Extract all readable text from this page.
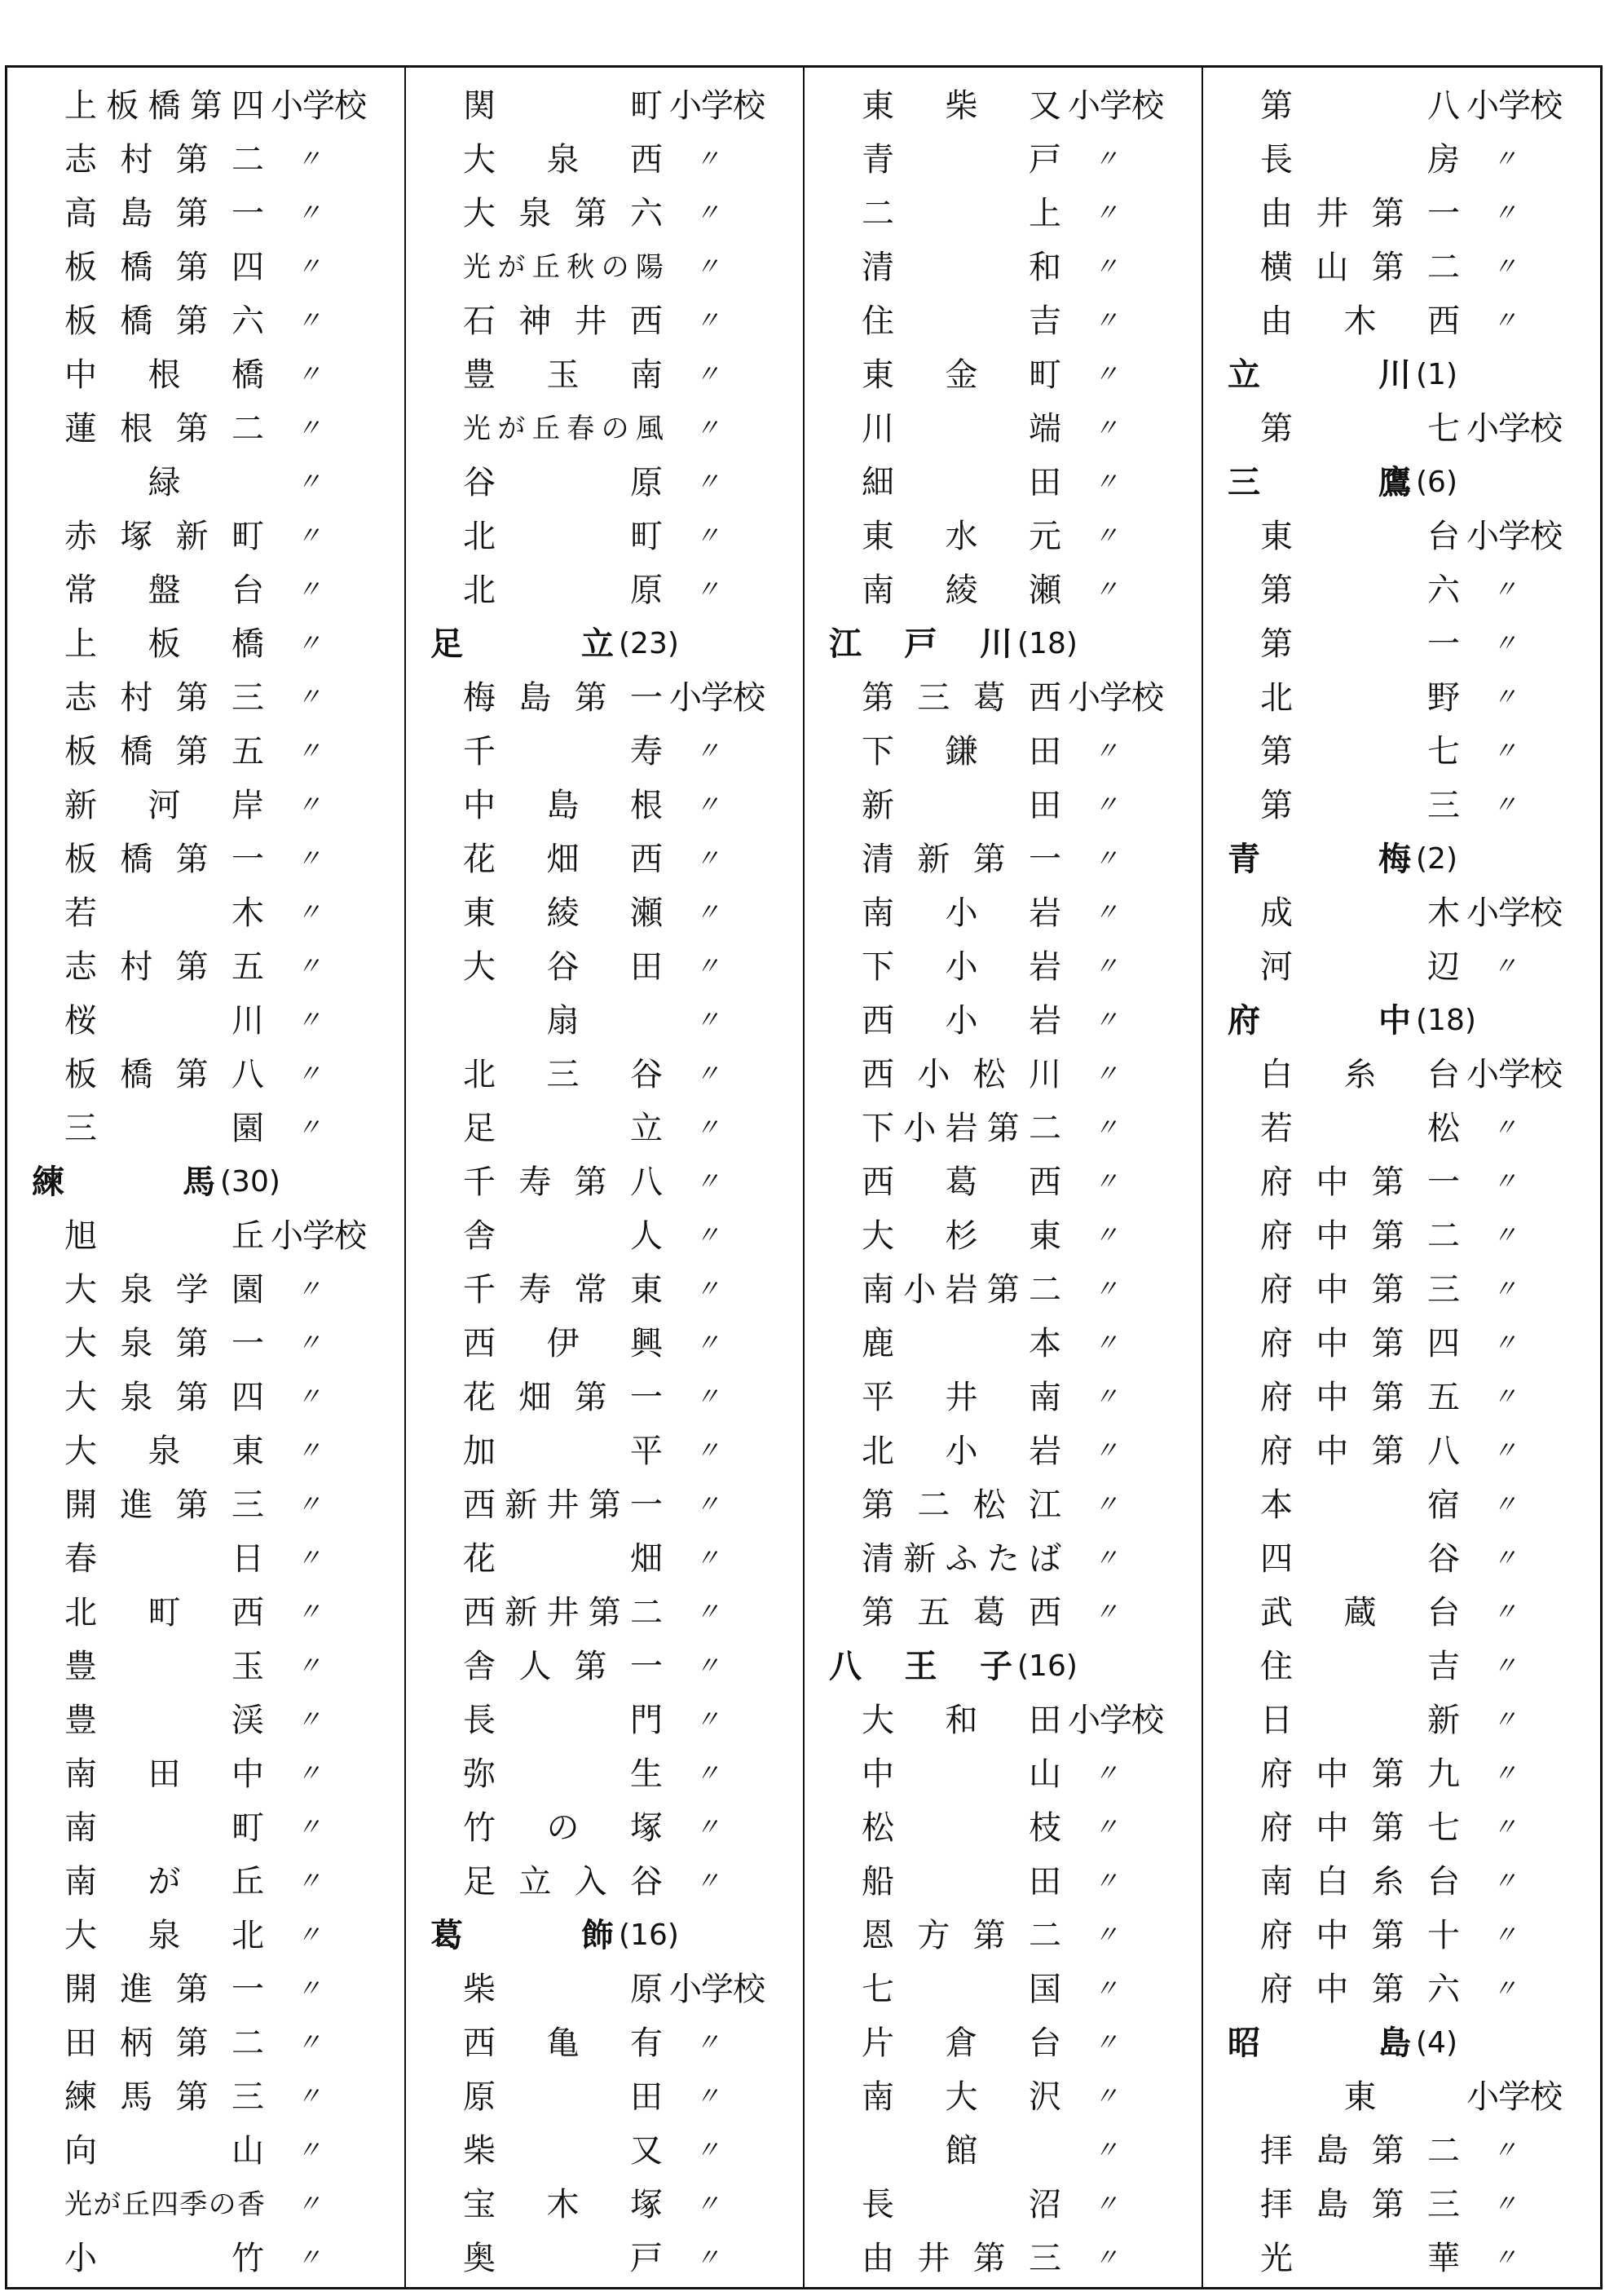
上板橋第四 小学校
志村第二	〃
高島第一	〃
板橋第四	〃
板橋第六	〃
中根橋	〃
蓮根第二	〃
緑	〃
赤塚新町	〃
常盤台	〃
上板橋	〃
志村第三	〃
板橋第五	〃
新河岸	〃
板橋第一	〃
若木	〃
志村第五	〃
桜川	〃
板橋第八	〃
三園	〃
練馬 (30)
旭丘 小学校
大泉学園	〃
大泉第一	〃
大泉第四	〃
大泉東	〃
開進第三	〃
春日	〃
北町西	〃
豊玉	〃
豊渓	〃
南田中	〃
南町	〃
南が丘	〃
大泉北	〃
開進第一	〃
田柄第二	〃
練馬第三	〃
向山	〃
光が丘四季の香	〃
小竹	〃
関町 小学校
大泉西	〃
大泉第六	〃
光が丘秋の陽	〃
石神井西	〃
豊玉南	〃
光が丘春の風	〃
谷原	〃
北町	〃
北原	〃
足立 (23)
梅島第一 小学校
千寿	〃
中島根	〃
花畑西	〃
東綾瀬	〃
大谷田	〃
扇	〃
北三谷	〃
足立	〃
千寿第八	〃
舎人	〃
千寿常東	〃
西伊興	〃
花畑第一	〃
加平	〃
西新井第一	〃
花畑	〃
西新井第二	〃
舎人第一	〃
長門	〃
弥生	〃
竹の塚	〃
足立入谷	〃
葛飾 (16)
柴原 小学校
西亀有	〃
原田	〃
柴又	〃
宝木塚	〃
奥戸	〃
東柴又 小学校
青戸	〃
二上	〃
清和	〃
住吉	〃
東金町	〃
川端	〃
細田	〃
東水元	〃
南綾瀬	〃
江戸川 (18)
第三葛西 小学校
下鎌田	〃
新田	〃
清新第一	〃
南小岩	〃
下小岩	〃
西小岩	〃
西小松川	〃
下小岩第二	〃
西葛西	〃
大杉東	〃
南小岩第二	〃
鹿本	〃
平井南	〃
北小岩	〃
第二松江	〃
清新ふたば	〃
第五葛西	〃
八王子 (16)
大和田 小学校
中山	〃
松枝	〃
船田	〃
恩方第二	〃
七国	〃
片倉台	〃
南大沢	〃
館	〃
長沼	〃
由井第三	〃
第八 小学校
長房	〃
由井第一	〃
横山第二	〃
由木西	〃
立川 (1)
第七 小学校
三鷹 (6)
東台 小学校
第六	〃
第一	〃
北野	〃
第七	〃
第三	〃
青梅 (2)
成木 小学校
河辺	〃
府中 (18)
白糸台 小学校
若松	〃
府中第一	〃
府中第二	〃
府中第三	〃
府中第四	〃
府中第五	〃
府中第八	〃
本宿	〃
四谷	〃
武蔵台	〃
住吉	〃
日新	〃
府中第九	〃
府中第七	〃
南白糸台	〃
府中第十	〃
府中第六	〃
昭島 (4)
東	小学校
拝島第二	〃
拝島第三	〃
光華	〃
